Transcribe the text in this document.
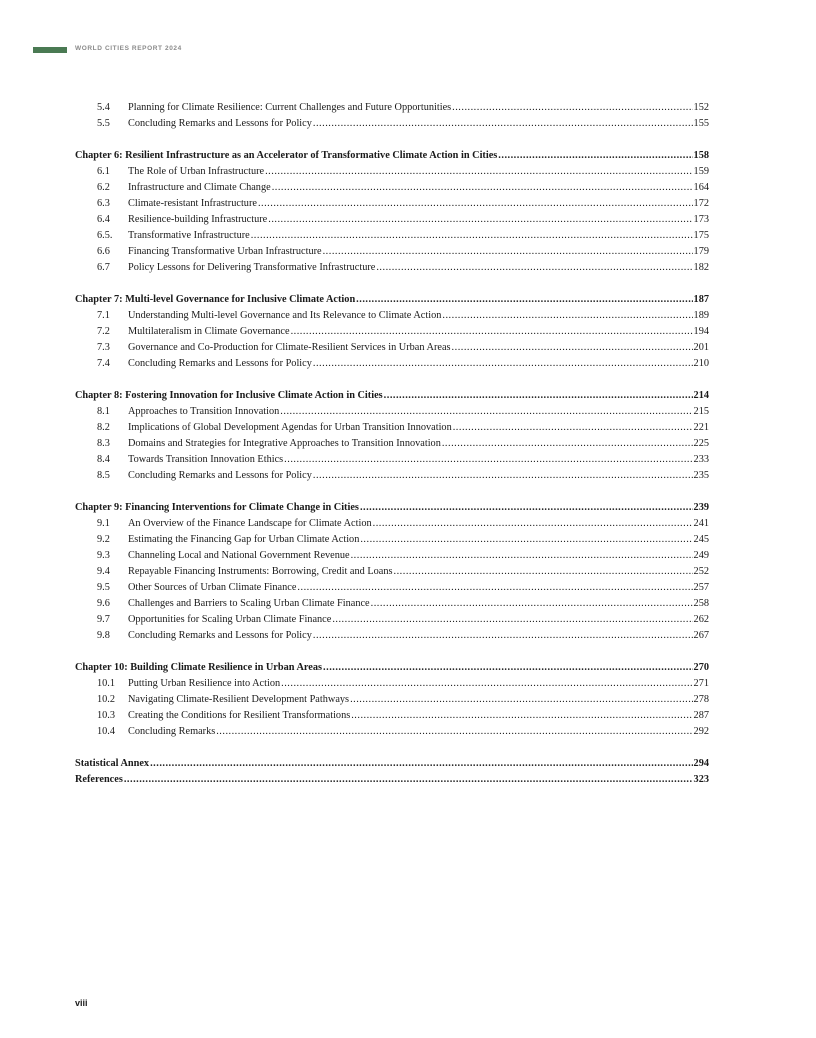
WORLD CITIES REPORT 2024
5.4	Planning for Climate Resilience: Current Challenges and Future Opportunities .....	152
5.5	Concluding Remarks and Lessons for Policy .....	155
Chapter 6: Resilient Infrastructure as an Accelerator of Transformative Climate Action in Cities .....	158
6.1	The Role of Urban Infrastructure .....	159
6.2	Infrastructure and Climate Change .....	164
6.3	Climate-resistant Infrastructure .....	172
6.4	Resilience-building Infrastructure .....	173
6.5.	Transformative Infrastructure .....	175
6.6	Financing Transformative Urban Infrastructure .....	179
6.7	Policy Lessons for Delivering Transformative Infrastructure .....	182
Chapter 7: Multi-level Governance for Inclusive Climate Action .....	187
7.1	Understanding Multi-level Governance and Its Relevance to Climate Action .....	189
7.2	Multilateralism in Climate Governance .....	194
7.3	Governance and Co-Production for Climate-Resilient Services in Urban Areas .....	201
7.4	Concluding Remarks and Lessons for Policy .....	210
Chapter 8: Fostering Innovation for Inclusive Climate Action in Cities .....	214
8.1	Approaches to Transition Innovation .....	215
8.2	Implications of Global Development Agendas for Urban Transition Innovation .....	221
8.3	Domains and Strategies for Integrative Approaches to Transition Innovation .....	225
8.4	Towards Transition Innovation Ethics .....	233
8.5	Concluding Remarks and Lessons for Policy .....	235
Chapter 9: Financing Interventions for Climate Change in Cities .....	239
9.1	An Overview of the Finance Landscape for Climate Action .....	241
9.2	Estimating the Financing Gap for Urban Climate Action .....	245
9.3	Channeling Local and National Government Revenue .....	249
9.4	Repayable Financing Instruments: Borrowing, Credit and Loans .....	252
9.5	Other Sources of Urban Climate Finance .....	257
9.6	Challenges and Barriers to Scaling Urban Climate Finance .....	258
9.7	Opportunities for Scaling Urban Climate Finance .....	262
9.8	Concluding Remarks and Lessons for Policy .....	267
Chapter 10: Building Climate Resilience in Urban Areas .....	270
10.1	Putting Urban Resilience into Action .....	271
10.2	Navigating Climate-Resilient Development Pathways .....	278
10.3	Creating the Conditions for Resilient Transformations .....	287
10.4	Concluding Remarks .....	292
Statistical Annex .....	294
References .....	323
viii
